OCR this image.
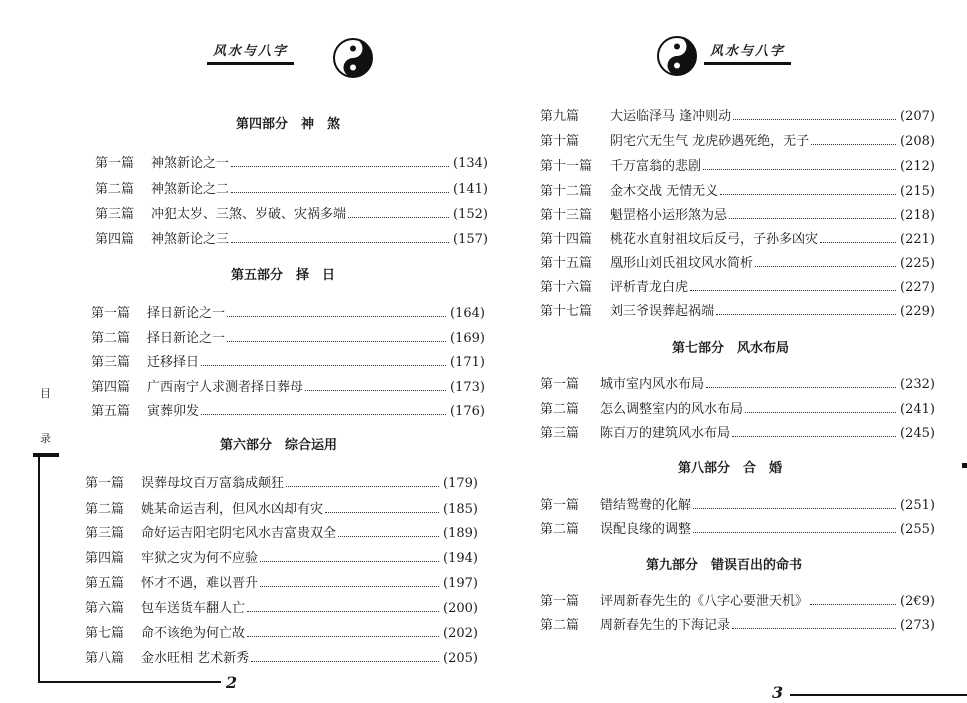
风水与八字
目
录
2
第四部分　神　煞
第一篇	神煞新论之一	(134)
第二篇	神煞新论之二	(141)
第三篇	冲犯太岁、三煞、岁破、灾祸多端	(152)
第四篇	神煞新论之三	(157)
第五部分　择　日
第一篇	择日新论之一	(164)
第二篇	择日新论之一	(169)
第三篇	迁移择日	(171)
第四篇	广西南宁人求测者择日葬母	(173)
第五篇	寅葬卯发	(176)
第六部分　综合运用
第一篇	误葬母坟百万富翁成颠狂	(179)
第二篇	姚某命运吉利，但风水凶却有灾	(185)
第三篇	命好运吉阳宅阴宅风水吉富贵双全	(189)
第四篇	牢狱之灾为何不应验	(194)
第五篇	怀才不遇，难以晋升	(197)
第六篇	包车送货车翻人亡	(200)
第七篇	命不该绝为何亡故	(202)
第八篇	金水旺相 艺术新秀	(205)
风水与八字
3
第九篇	大运临泽马 逢冲则动	(207)
第十篇	阴宅穴无生气 龙虎砂遇死绝，无子	(208)
第十一篇	千万富翁的悲剧	(212)
第十二篇	金木交战 无情无义	(215)
第十三篇	魁罡格小运形煞为忌	(218)
第十四篇	桃花水直射祖坟后反弓，子孙多凶灾	(221)
第十五篇	凰形山刘氏祖坟风水简析	(225)
第十六篇	评析青龙白虎	(227)
第十七篇	刘三爷误葬起祸端	(229)
第七部分　风水布局
第一篇	城市室内风水布局	(232)
第二篇	怎么调整室内的风水布局	(241)
第三篇	陈百万的建筑风水布局	(245)
第八部分　合　婚
第一篇	错结鸳鸯的化解	(251)
第二篇	误配良缘的调整	(255)
第九部分　错误百出的命书
第一篇	评周新春先生的《八字心要泄天机》	(2€9)
第二篇	周新春先生的下海记录	(273)
